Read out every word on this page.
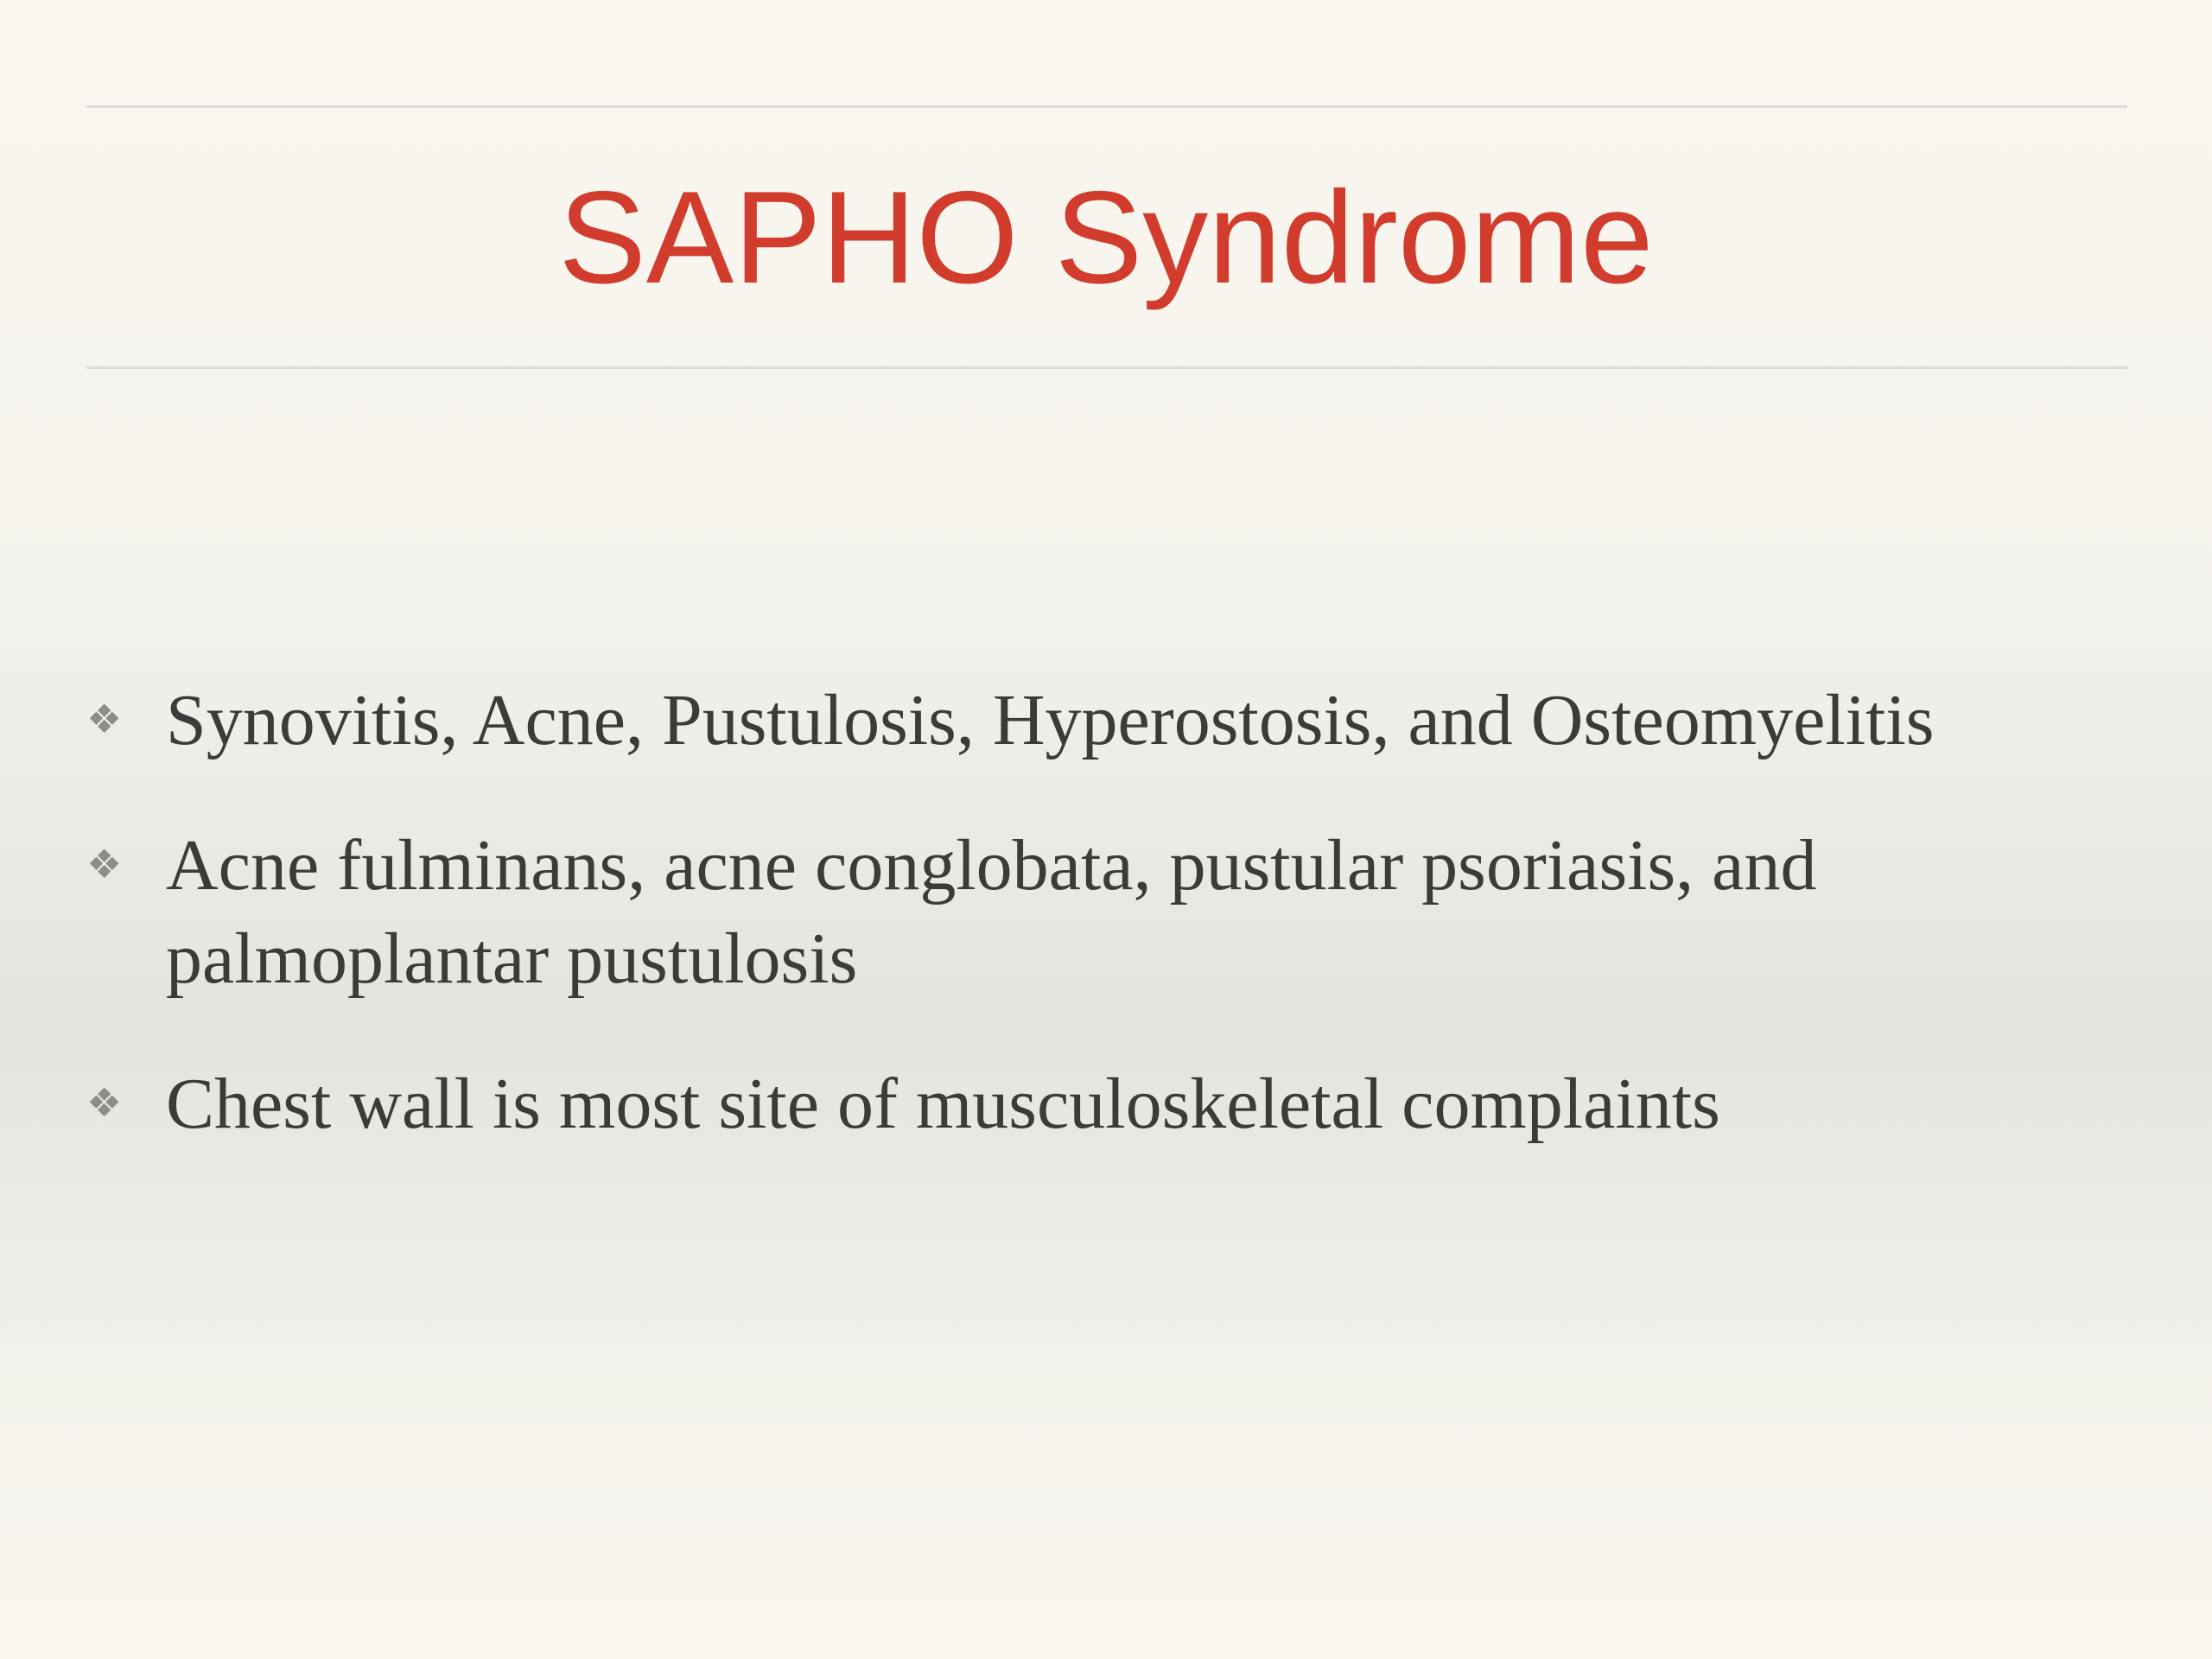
SAPHO Syndrome
❖ Synovitis, Acne, Pustulosis, Hyperostosis, and Osteomyelitis
❖ Acne fulminans, acne conglobata, pustular psoriasis, and palmoplantar pustulosis
❖ Chest wall is most site of musculoskeletal complaints
